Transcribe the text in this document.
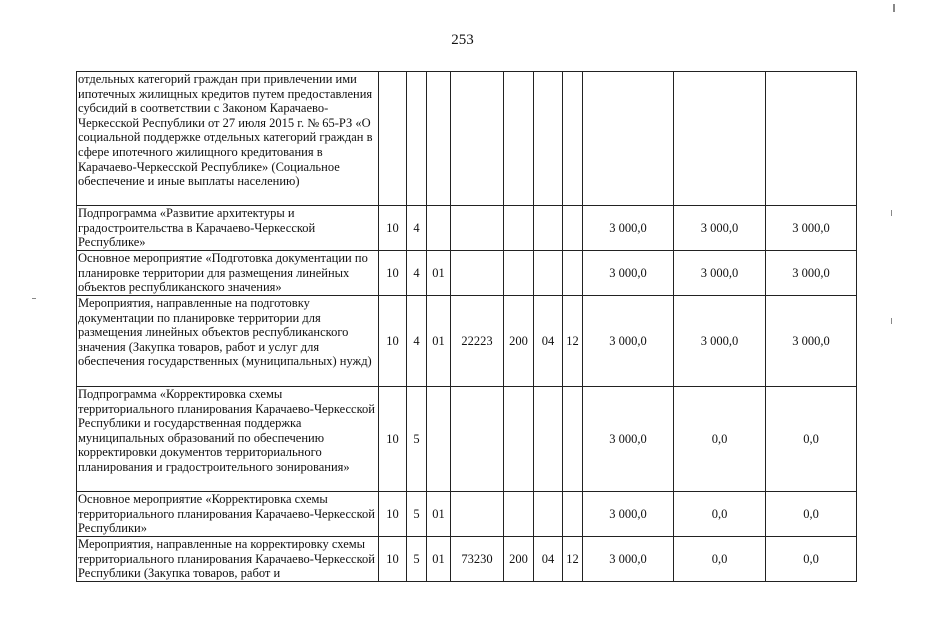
253
отдельных категорий граждан при привлечении ими ипотечных жилищных кредитов путем предоставления субсидий в соответствии с Законом Карачаево-Черкесской Республики от 27 июля 2015 г. № 65-РЗ «О социальной поддержке отдельных категорий граждан в сфере ипотечного жилищного кредитования в Карачаево-Черкесской Республике» (Социальное обеспечение и иные выплаты населению)										

Подпрограмма «Развитие архитектуры и градостроительства в Карачаево-Черкесской Республике»	10	4						3 000,0	3 000,0	3 000,0

Основное мероприятие «Подготовка документации по планировке территории для размещения линейных объектов республиканского значения»	10	4	01					3 000,0	3 000,0	3 000,0

Мероприятия, направленные на подготовку документации по планировке территории для размещения линейных объектов республиканского значения (Закупка товаров, работ и услуг для обеспечения государственных (муниципальных) нужд)	10	4	01	22223	200	04	12	3 000,0	3 000,0	3 000,0

Подпрограмма «Корректировка схемы территориального планирования Карачаево-Черкесской Республики и государственная поддержка муниципальных образований по обеспечению корректировки документов территориального планирования и градостроительного зонирования»	10	5						3 000,0	0,0	0,0

Основное мероприятие «Корректировка схемы территориального планирования Карачаево-Черкесской Республики»	10	5	01					3 000,0	0,0	0,0

Мероприятия, направленные на корректировку схемы территориального планирования Карачаево-Черкесской Республики (Закупка товаров, работ и	10	5	01	73230	200	04	12	3 000,0	0,0	0,0
